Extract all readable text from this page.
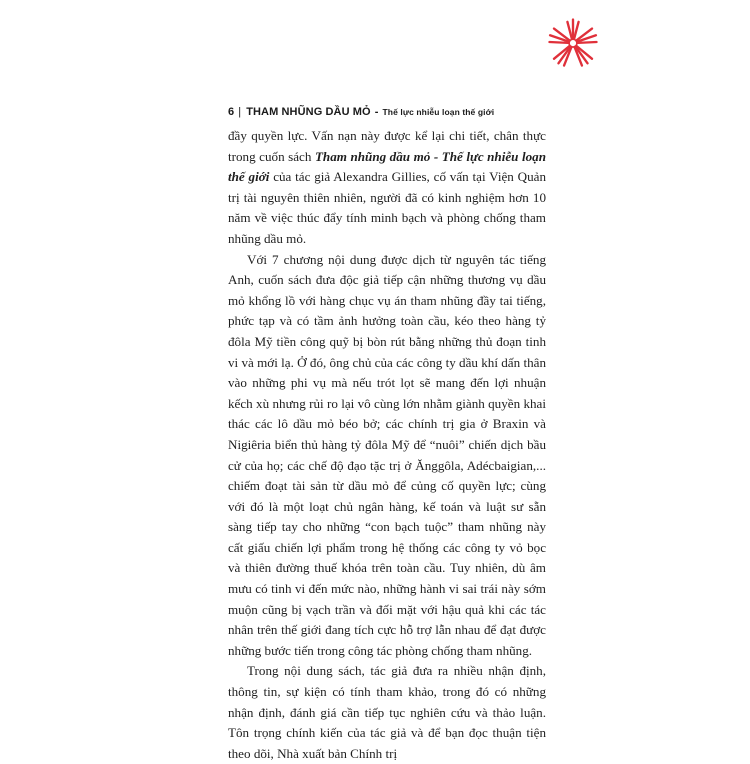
6 | THAM NHŨNG DẦU MỎ - Thế lực nhiễu loạn thế giới

đầy quyền lực. Vấn nạn này được kể lại chi tiết, chân thực trong cuốn sách Tham nhũng dầu mỏ - Thế lực nhiễu loạn thế giới của tác giả Alexandra Gillies, cố vấn tại Viện Quản trị tài nguyên thiên nhiên, người đã có kinh nghiệm hơn 10 năm về việc thúc đẩy tính minh bạch và phòng chống tham nhũng dầu mỏ.

Với 7 chương nội dung được dịch từ nguyên tác tiếng Anh, cuốn sách đưa độc giả tiếp cận những thương vụ dầu mỏ khổng lồ với hàng chục vụ án tham nhũng đầy tai tiếng, phức tạp và có tầm ảnh hưởng toàn cầu, kéo theo hàng tỷ đôla Mỹ tiền công quỹ bị bòn rút bằng những thủ đoạn tinh vi và mới lạ. Ở đó, ông chủ của các công ty dầu khí dấn thân vào những phi vụ mà nếu trót lọt sẽ mang đến lợi nhuận kếch xù nhưng rủi ro lại vô cùng lớn nhằm giành quyền khai thác các lô dầu mỏ béo bở; các chính trị gia ở Braxin và Nigiêria biển thủ hàng tỷ đôla Mỹ để “nuôi” chiến dịch bầu cử của họ; các chế độ đạo tặc trị ở Ănggôla, Adécbaigian,... chiếm đoạt tài sản từ dầu mỏ để củng cố quyền lực; cùng với đó là một loạt chủ ngân hàng, kế toán và luật sư sẵn sàng tiếp tay cho những “con bạch tuộc” tham nhũng này cất giấu chiến lợi phẩm trong hệ thống các công ty vỏ bọc và thiên đường thuế khóa trên toàn cầu. Tuy nhiên, dù âm mưu có tinh vi đến mức nào, những hành vi sai trái này sớm muộn cũng bị vạch trần và đối mặt với hậu quả khi các tác nhân trên thế giới đang tích cực hỗ trợ lẫn nhau để đạt được những bước tiến trong công tác phòng chống tham nhũng.

Trong nội dung sách, tác giả đưa ra nhiều nhận định, thông tin, sự kiện có tính tham khảo, trong đó có những nhận định, đánh giá cần tiếp tục nghiên cứu và thảo luận. Tôn trọng chính kiến của tác giả và để bạn đọc thuận tiện theo dõi, Nhà xuất bản Chính trị
